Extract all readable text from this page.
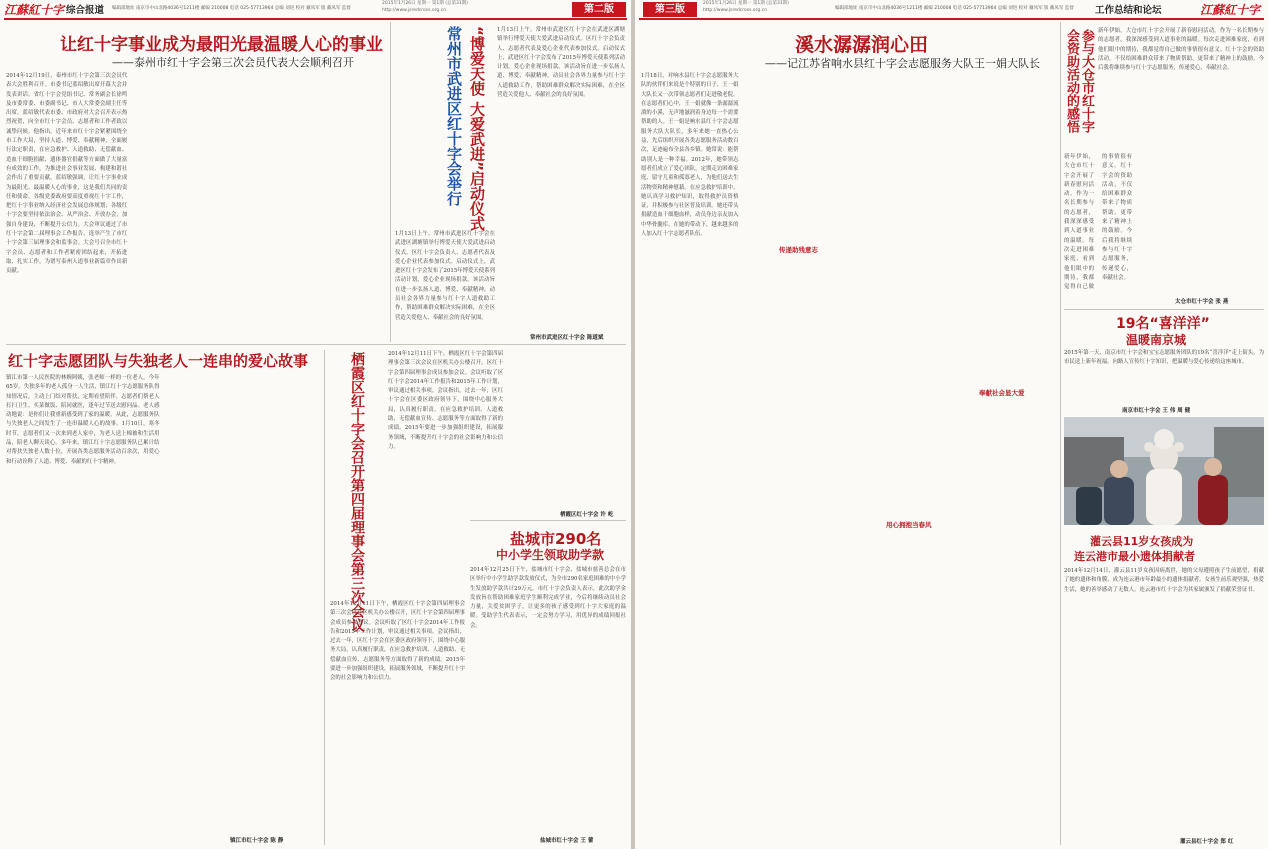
江蘇紅十字 综合报道 编辑部地址 南京市中山北路4036号1211楼 邮编 210008 电话 025-57713964 总编 刘进 校对 戴凤军 版 戴凤军 监督
2015年1月26日 星期一 第1期 (总第31期)
http://www.jsredcross.org.cn	第二版
让红十字事业成为最阳光最温暖人心的事业
——泰州市红十字会第三次会员代表大会顺利召开
2014年12月19日，泰州市红十字会第三次会员代表大会胜利召开。市委书记蓝绍敏出席开幕大会并发表讲话。省红十字会党组书记、常务副会长徐鸣及市委常委、市委副书记、市人大常委会副主任等出席。蓝绍敏代表市委、市政府对大会召开表示热烈祝贺，向全市红十字会员、志愿者和工作者致以诚挚问候。他指出，近年来市红十字会紧紧围绕全市工作大局，坚持人道、博爱、奉献精神，全面履行法定职责，在应急救护、人道救助、无偿献血、造血干细胞捐献、遗体器官捐献等方面做了大量富有成效的工作，为推进社会事业发展、构建和谐社会作出了重要贡献。蓝绍敏强调，让红十字事业成为最阳光、最温暖人心的事业，这是我们共同的责任和使命。各级党委政府要高度重视红十字工作，把红十字事业纳入经济社会发展总体规划；各级红十字会要坚持依法治会、从严治会、开放办会，加强自身建设，不断提升公信力。大会审议通过了市红十字会第二届理事会工作报告，选举产生了市红十字会第三届理事会和监事会。大会号召全市红十字会员、志愿者和工作者紧密团结起来，开拓进取、扎实工作，为谱写泰州人道事业新篇章作出新贡献。
红十字志愿团队与失独老人一连串的爱心故事
镇江市第一人民医院的林婉阿姨，张老师一样的一位老人，今年65岁。失独多年的老人孤身一人生活，镇江红十字志愿服务队得知情况后，主动上门结对帮扶，定期看望陪伴。志愿者们帮老人打扫卫生、买菜做饭、陪同就医，逢年过节送去慰问品。老人感动地说：是你们让我重新感受到了家的温暖。从此，志愿服务队与失独老人之间发生了一连串温暖人心的故事。1月10日，寒冬时节，志愿者们又一次来到老人家中，为老人送上棉被和生活用品，陪老人聊天谈心。多年来，镇江红十字志愿服务队已累计结对帮扶失独老人数十位，开展各类志愿服务活动百余次，用爱心和行动诠释了人道、博爱、奉献的红十字精神。
镇江市红十字会 陈 静
“博爱天使 大爱武进”启动仪式
常州市武进区红十字会举行	1月13日上午，常州市武进区红十字会在武进区湖塘镇举行博爱天使大爱武进启动仪式。区红十字会负责人、志愿者代表及爱心企业代表参加仪式。启动仪式上，武进区红十字会发布了2015年博爱天使系列活动计划，爱心企业现场捐款。该活动旨在进一步弘扬人道、博爱、奉献精神，动员社会各界力量参与红十字人道救助工作，帮助困难群众解决实际困难，在全区营造关爱他人、奉献社会的良好氛围。
1月13日上午，常州市武进区红十字会在武进区湖塘镇举行博爱天使大爱武进启动仪式。区红十字会负责人、志愿者代表及爱心企业代表参加仪式。启动仪式上，武进区红十字会发布了2015年博爱天使系列活动计划，爱心企业现场捐款。该活动旨在进一步弘扬人道、博爱、奉献精神，动员社会各界力量参与红十字人道救助工作，帮助困难群众解决实际困难，在全区营造关爱他人、奉献社会的良好氛围。
常州市武进区红十字会 陈道斌
栖霞区红十字会召开第四届理事会第三次会议	2014年12月11日下午，栖霞区红十字会第四届理事会第三次会议在区机关办公楼召开，区红十字会第四届理事会成员参加会议。会议听取了区红十字会2014年工作报告和2015年工作计划，审议通过相关事项。会议指出，过去一年，区红十字会在区委区政府领导下，围绕中心服务大局，认真履行职责，在应急救护培训、人道救助、无偿献血宣传、志愿服务等方面取得了新的成绩。2015年要进一步加强组织建设，拓展服务领域，不断提升红十字会的社会影响力和公信力。
2014年12月11日下午，栖霞区红十字会第四届理事会第三次会议在区机关办公楼召开，区红十字会第四届理事会成员参加会议。会议听取了区红十字会2014年工作报告和2015年工作计划，审议通过相关事项。会议指出，过去一年，区红十字会在区委区政府领导下，围绕中心服务大局，认真履行职责，在应急救护培训、人道救助、无偿献血宣传、志愿服务等方面取得了新的成绩。2015年要进一步加强组织建设，拓展服务领域，不断提升红十字会的社会影响力和公信力。
栖霞区红十字会 许 屹
盐城市290名
中小学生领取助学款
2014年12月25日下午，盐城市红十字会、盐城市慈善总会在市区举行中小学生助学款发放仪式，为全市290名家庭困难的中小学生发放助学款共计29万元。市红十字会负责人表示，此次助学金发放旨在帮助困难家庭学生顺利完成学业，今后将继续动员社会力量，关爱贫困学子，让更多的孩子感受到红十字大家庭的温暖。受助学生代表表示，一定会努力学习，用优异的成绩回报社会。
盐城市红十字会 王 蕾
第三版
2015年1月26日 星期一 第1期 (总第31期)
http://www.jsredcross.org.cn	编辑部地址 南京市中山北路4036号1211楼 邮编 210008 电话 025-57713964 总编 刘进 校对 戴凤军 版 戴凤军 监督 工作总结和论坛	江蘇紅十字
溪水潺潺润心田
——记江苏省响水县红十字会志愿服务大队王一娟大队长
1月18日，对响水县红十字会志愿服务大队的伙伴们来说是个特别的日子，王一娟大队长又一次带领志愿者们走进敬老院。在志愿者们心中，王一娟就像一条潺潺流淌的小溪，无声地滋润着身边每一个需要帮助的人。王一娟是响水县红十字会志愿服务大队大队长，多年来她一直热心公益，先后组织开展各类志愿服务活动数百次，足迹遍布全县各乡镇。她常说：能帮助别人是一种幸福。2012年，她带领志愿者们成立了爱心团队，定期走访困难家庭、留守儿童和孤寡老人，为他们送去生活物资和精神慰藉。在应急救护培训中，她认真学习救护知识，取得救护员资格证，并积极参与社区普及培训。她还带头捐献造血干细胞血样，动员身边亲友加入中华骨髓库。在她的带动下，越来越多的人加入红十字志愿者队伍。
传递助残意志
用心拥抱当春风
奉献社会显大爱
参与大仓市红十字会资助活动的感悟	新年伊始，大仓市红十字会开展了新春慰问活动。作为一名长期参与的志愿者，我深深感受到人道事业的温暖。每次走进困难家庭，看到他们眼中的期待，我都觉得自己做的事情很有意义。红十字会的资助活动，不仅给困难群众带来了物质帮助，更带来了精神上的鼓励。今后我将继续参与红十字志愿服务，传递爱心，奉献社会。
新年伊始，大仓市红十字会开展了新春慰问活动。作为一名长期参与的志愿者，我深深感受到人道事业的温暖。每次走进困难家庭，看到他们眼中的期待，我都觉得自己做的事情很有意义。红十字会的资助活动，不仅给困难群众带来了物质帮助，更带来了精神上的鼓励。今后我将继续参与红十字志愿服务，传递爱心，奉献社会。
太仓市红十字会 张 燕
19名“喜洋洋”
温暖南京城
2015年第一天，南京市红十字会和宝宝志愿服务团队的19名“喜洋洋”走上街头，为市民送上新年祝福，向路人宣传红十字知识，把温暖与爱心传递给这座城市。
南京市红十字会 王 伟 周 健
灌云县11岁女孩成为
连云港市最小遗体捐献者
2014年12月14日，灌云县11岁女孩因病离世，她的父母遵照孩子生前愿望，捐献了她的遗体和角膜，成为连云港市年龄最小的遗体捐献者。女孩生前乐观坚强，热爱生活，她的善举感动了无数人。连云港市红十字会为其家属颁发了捐献荣誉证书。
灌云县红十字会 郑 红
